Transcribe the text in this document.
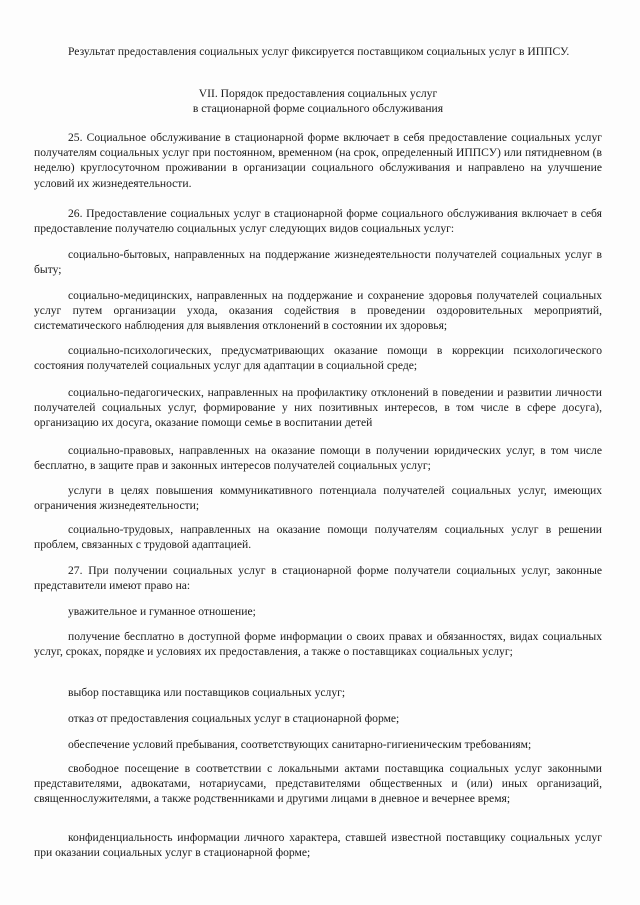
Результат предоставления социальных услуг фиксируется поставщиком социальных услуг в ИППСУ.

VII. Порядок предоставления социальных услуг
в стационарной форме социального обслуживания

25. Социальное обслуживание в стационарной форме включает в себя предоставление социальных услуг получателям социальных услуг при постоянном, временном (на срок, определенный ИППСУ) или пятидневном (в неделю) круглосуточном проживании в организации социального обслуживания и направлено на улучшение условий их жизнедеятельности.

26. Предоставление социальных услуг в стационарной форме социального обслуживания включает в себя предоставление получателю социальных услуг следующих видов социальных услуг:

социально-бытовых, направленных на поддержание жизнедеятельности получателей социальных услуг в быту;

социально-медицинских, направленных на поддержание и сохранение здоровья получателей социальных услуг путем организации ухода, оказания содействия в проведении оздоровительных мероприятий, систематического наблюдения для выявления отклонений в состоянии их здоровья;

социально-психологических, предусматривающих оказание помощи в коррекции психологического состояния получателей социальных услуг для адаптации в социальной среде;

социально-педагогических, направленных на профилактику отклонений в поведении и развитии личности получателей социальных услуг, формирование у них позитивных интересов, в том числе в сфере досуга), организацию их досуга, оказание помощи семье в воспитании детей

социально-правовых, направленных на оказание помощи в получении юридических услуг, в том числе бесплатно, в защите прав и законных интересов получателей социальных услуг;

услуги в целях повышения коммуникативного потенциала получателей социальных услуг, имеющих ограничения жизнедеятельности;

социально-трудовых, направленных на оказание помощи получателям социальных услуг в решении проблем, связанных с трудовой адаптацией.

27. При получении социальных услуг в стационарной форме получатели социальных услуг, законные представители имеют право на:

уважительное и гуманное отношение;

получение бесплатно в доступной форме информации о своих правах и обязанностях, видах социальных услуг, сроках, порядке и условиях их предоставления, а также о поставщиках социальных услуг;

выбор поставщика или поставщиков социальных услуг;

отказ от предоставления социальных услуг в стационарной форме;

обеспечение условий пребывания, соответствующих санитарно-гигиеническим требованиям;

свободное посещение в соответствии с локальными актами поставщика социальных услуг законными представителями, адвокатами, нотариусами, представителями общественных и (или) иных организаций, священнослужителями, а также родственниками и другими лицами в дневное и вечернее время;

конфиденциальность информации личного характера, ставшей известной поставщику социальных услуг при оказании социальных услуг в стационарной форме;
